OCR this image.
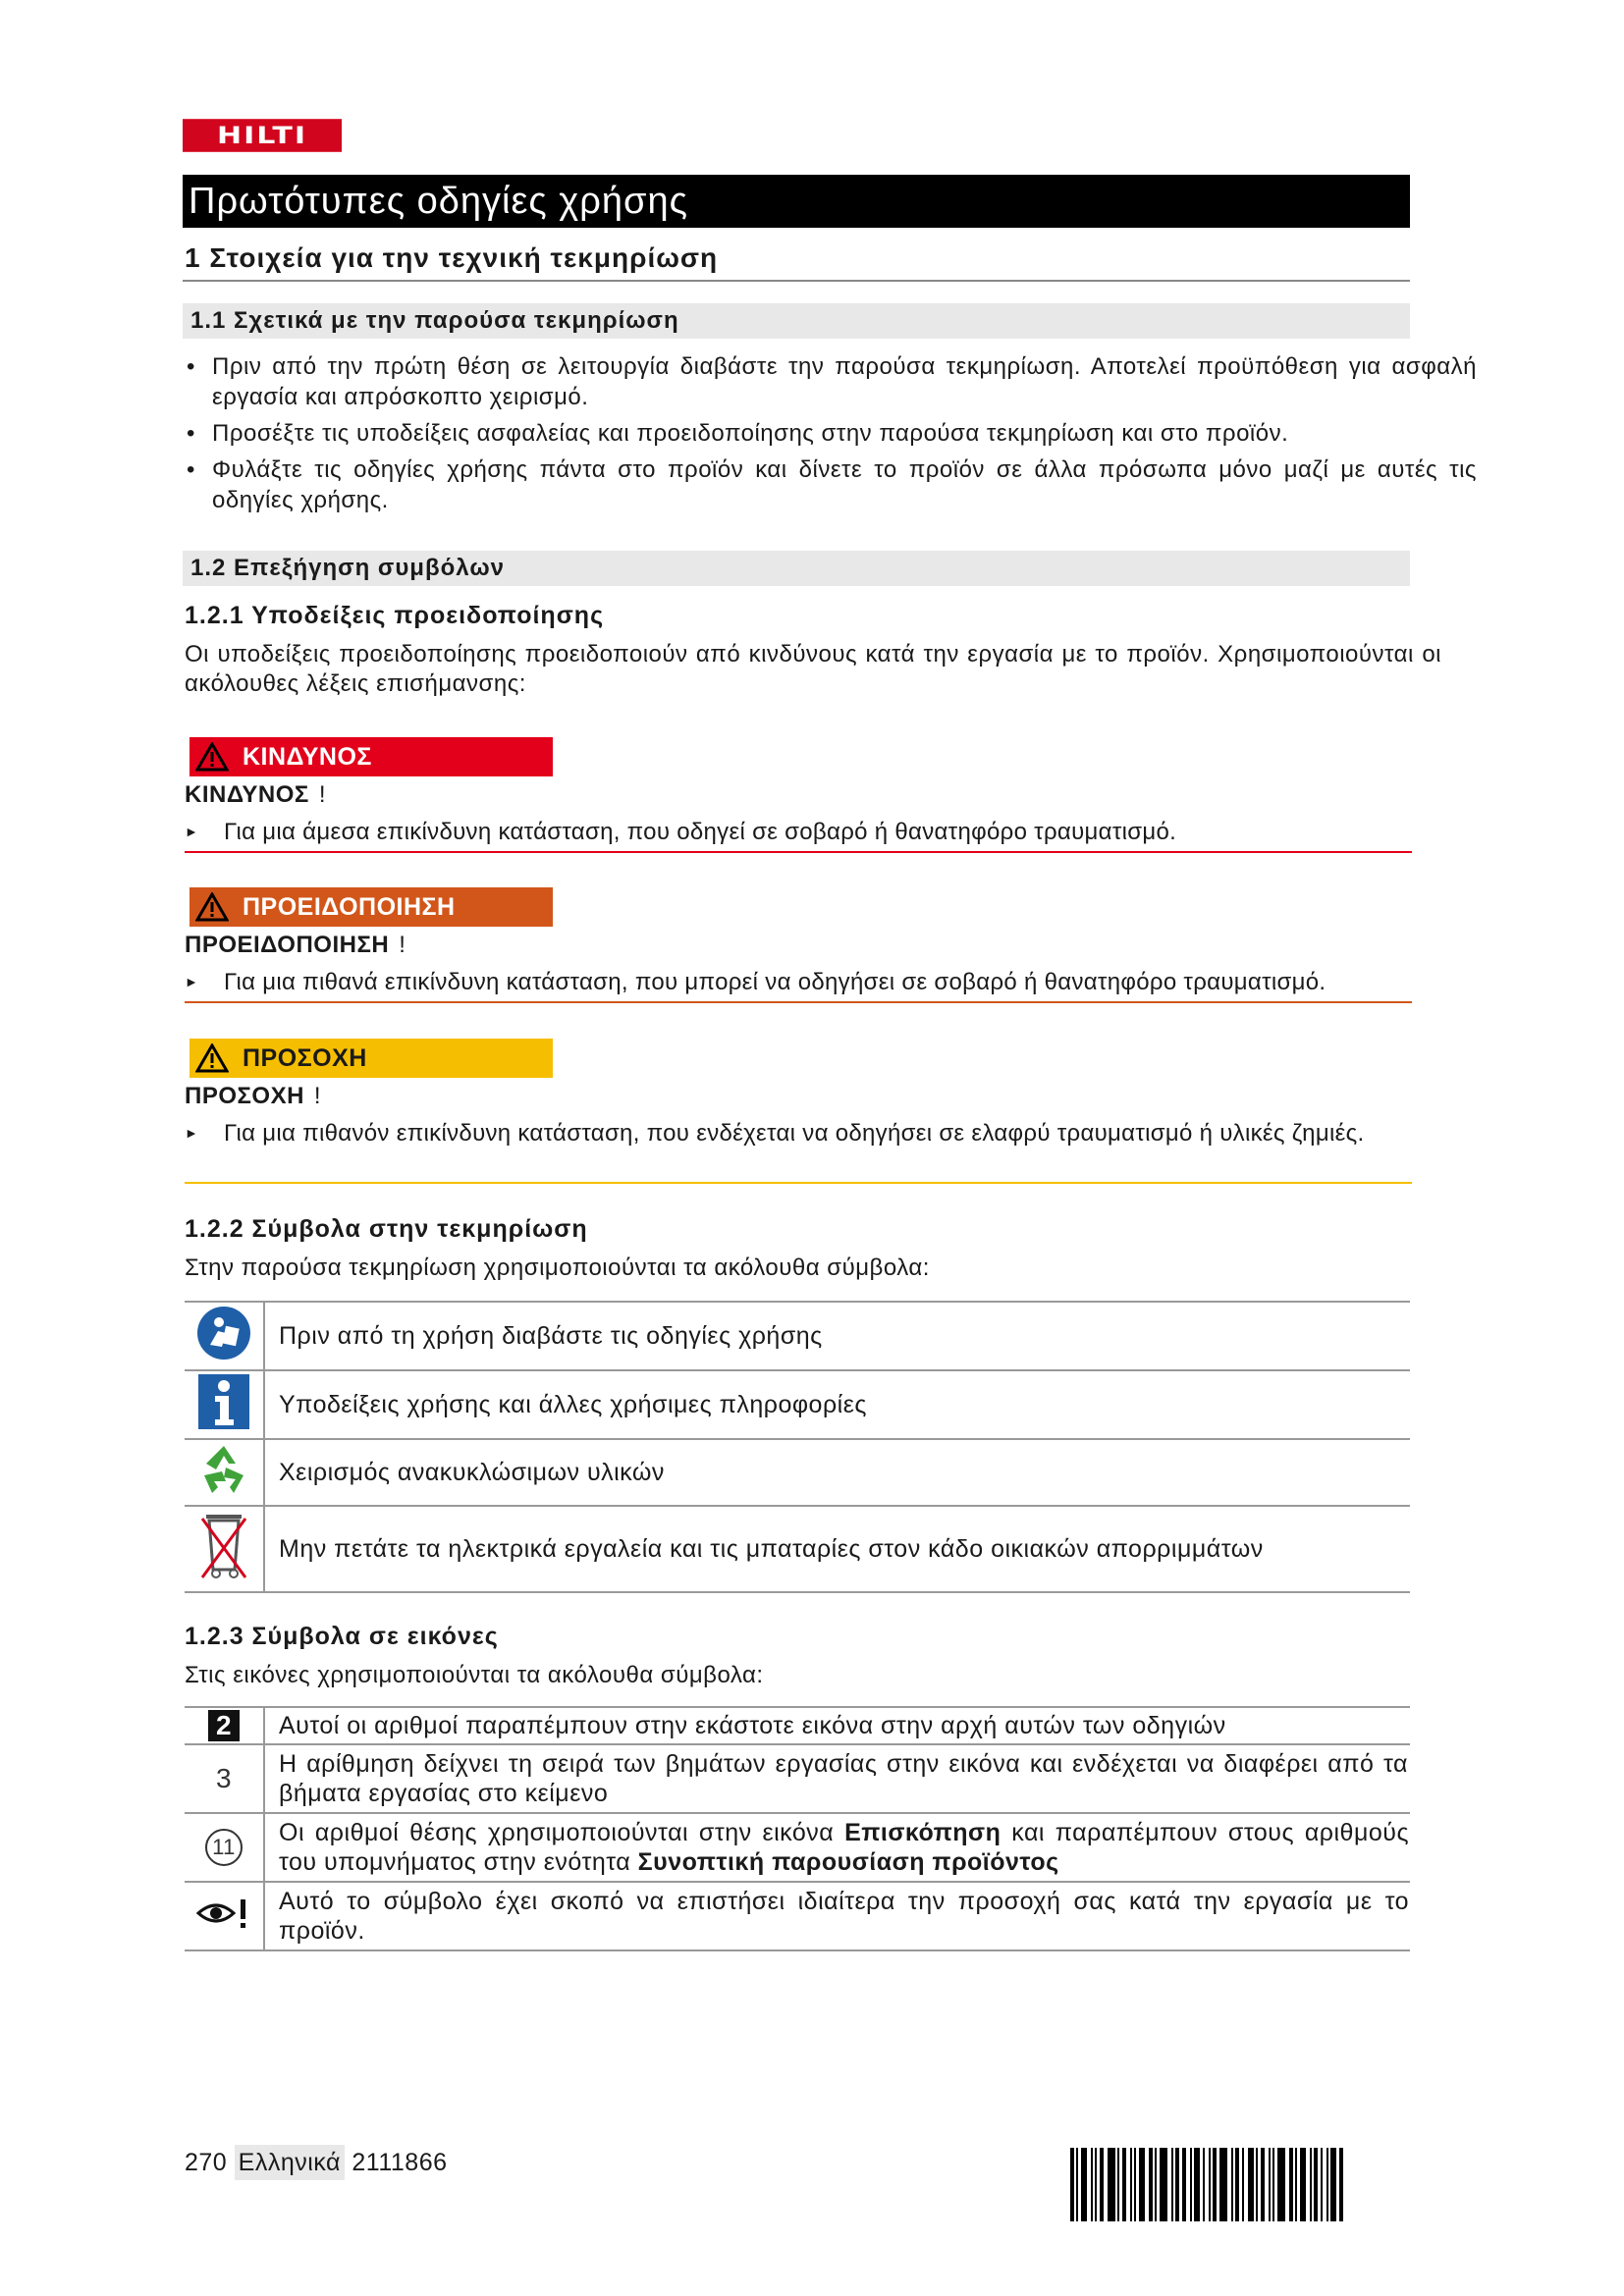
HILTI
Πρωτότυπες οδηγίες χρήσης
1 Στοιχεία για την τεχνική τεκμηρίωση
1.1 Σχετικά με την παρούσα τεκμηρίωση
• Πριν από την πρώτη θέση σε λειτουργία διαβάστε την παρούσα τεκμηρίωση. Αποτελεί προϋπόθεση για ασφαλή εργασία και απρόσκοπτο χειρισμό.
• Προσέξτε τις υποδείξεις ασφαλείας και προειδοποίησης στην παρούσα τεκμηρίωση και στο προϊόν.
• Φυλάξτε τις οδηγίες χρήσης πάντα στο προϊόν και δίνετε το προϊόν σε άλλα πρόσωπα μόνο μαζί με αυτές τις οδηγίες χρήσης.
1.2 Επεξήγηση συμβόλων
1.2.1 Υποδείξεις προειδοποίησης
Οι υποδείξεις προειδοποίησης προειδοποιούν από κινδύνους κατά την εργασία με το προϊόν. Χρησιμοποιούνται οι ακόλουθες λέξεις επισήμανσης:
ΚΙΝΔΥΝΟΣ
ΚΙΝΔΥΝΟΣ !
►	Για μια άμεσα επικίνδυνη κατάσταση, που οδηγεί σε σοβαρό ή θανατηφόρο τραυματισμό.
ΠΡΟΕΙΔΟΠΟΙΗΣΗ
ΠΡΟΕΙΔΟΠΟΙΗΣΗ !
►	Για μια πιθανά επικίνδυνη κατάσταση, που μπορεί να οδηγήσει σε σοβαρό ή θανατηφόρο τραυματισμό.
ΠΡΟΣΟΧΗ
ΠΡΟΣΟΧΗ !
►	Για μια πιθανόν επικίνδυνη κατάσταση, που ενδέχεται να οδηγήσει σε ελαφρύ τραυματισμό ή υλικές ζημιές.
1.2.2 Σύμβολα στην τεκμηρίωση
Στην παρούσα τεκμηρίωση χρησιμοποιούνται τα ακόλουθα σύμβολα:
	Πριν από τη χρήση διαβάστε τις οδηγίες χρήσης
	Υποδείξεις χρήσης και άλλες χρήσιμες πληροφορίες
	Χειρισμός ανακυκλώσιμων υλικών
	Μην πετάτε τα ηλεκτρικά εργαλεία και τις μπαταρίες στον κάδο οικιακών απορριμμάτων
1.2.3 Σύμβολα σε εικόνες
Στις εικόνες χρησιμοποιούνται τα ακόλουθα σύμβολα:
2	Αυτοί οι αριθμοί παραπέμπουν στην εκάστοτε εικόνα στην αρχή αυτών των οδηγιών
3	Η αρίθμηση δείχνει τη σειρά των βημάτων εργασίας στην εικόνα και ενδέχεται να διαφέρει από τα βήματα εργασίας στο κείμενο
11	Οι αριθμοί θέσης χρησιμοποιούνται στην εικόνα Επισκόπηση και παραπέμπουν στους αριθμούς του υπομνήματος στην ενότητα Συνοπτική παρουσίαση προϊόντος
	Αυτό το σύμβολο έχει σκοπό να επιστήσει ιδιαίτερα την προσοχή σας κατά την εργασία με το προϊόν.
270 Ελληνικά 2111866
